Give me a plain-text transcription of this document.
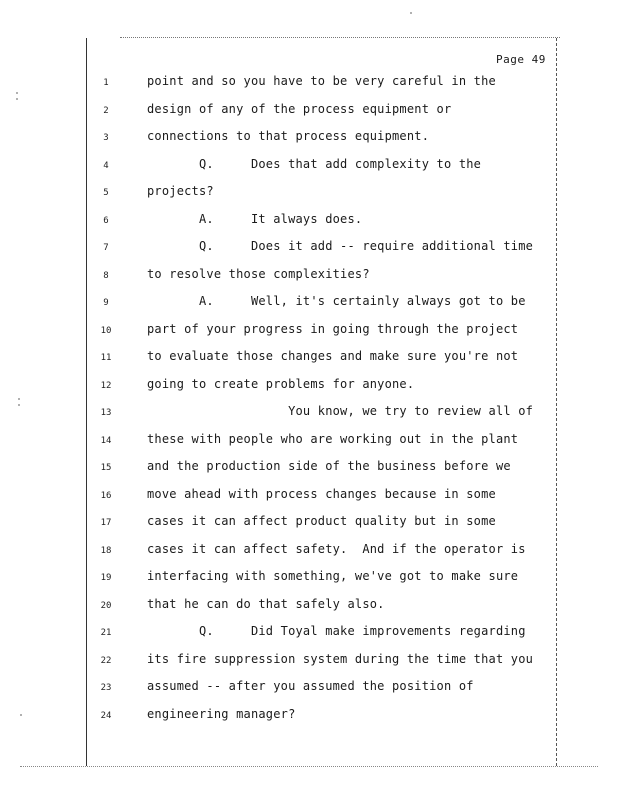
Page 49
1	point and so you have to be very careful in the
2	design of any of the process equipment or
3	connections to that process equipment.
4	Q.     Does that add complexity to the
5	projects?
6	A.     It always does.
7	Q.     Does it add -- require additional time
8	to resolve those complexities?
9	A.     Well, it's certainly always got to be
10	part of your progress in going through the project
11	to evaluate those changes and make sure you're not
12	going to create problems for anyone.
13	You know, we try to review all of
14	these with people who are working out in the plant
15	and the production side of the business before we
16	move ahead with process changes because in some
17	cases it can affect product quality but in some
18	cases it can affect safety.  And if the operator is
19	interfacing with something, we've got to make sure
20	that he can do that safely also.
21	Q.     Did Toyal make improvements regarding
22	its fire suppression system during the time that you
23	assumed -- after you assumed the position of
24	engineering manager?
